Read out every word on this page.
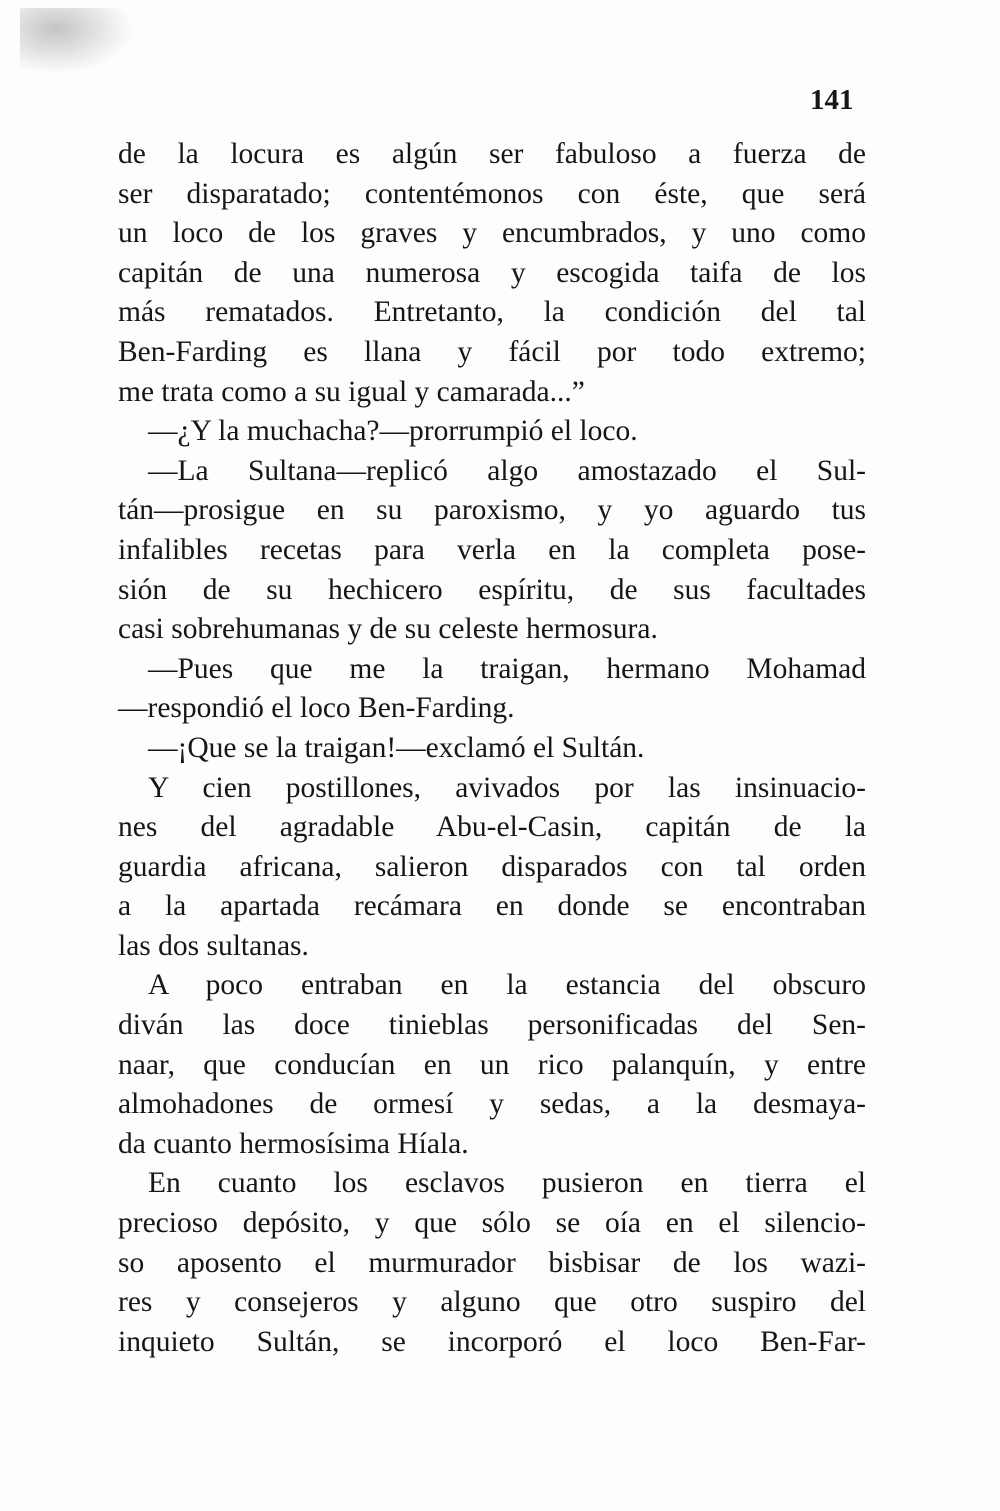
141
de la locura es algún ser fabuloso a fuerza de
ser disparatado; contentémonos con éste, que será
un loco de los graves y encumbrados, y uno como
capitán de una numerosa y escogida taifa de los
más rematados. Entretanto, la condición del tal
Ben-Farding es llana y fácil por todo extremo;
me trata como a su igual y camarada...”
—¿Y la muchacha?—prorrumpió el loco.
—La Sultana—replicó algo amostazado el Sul-
tán—prosigue en su paroxismo, y yo aguardo tus
infalibles recetas para verla en la completa pose-
sión de su hechicero espíritu, de sus facultades
casi sobrehumanas y de su celeste hermosura.
—Pues que me la traigan, hermano Mohamad
—respondió el loco Ben-Farding.
—¡Que se la traigan!—exclamó el Sultán.
Y cien postillones, avivados por las insinuacio-
nes del agradable Abu-el-Casin, capitán de la
guardia africana, salieron disparados con tal orden
a la apartada recámara en donde se encontraban
las dos sultanas.
A poco entraban en la estancia del obscuro
diván las doce tinieblas personificadas del Sen-
naar, que conducían en un rico palanquín, y entre
almohadones de ormesí y sedas, a la desmaya-
da cuanto hermosísima Híala.
En cuanto los esclavos pusieron en tierra el
precioso depósito, y que sólo se oía en el silencio-
so aposento el murmurador bisbisar de los wazi-
res y consejeros y alguno que otro suspiro del
inquieto Sultán, se incorporó el loco Ben-Far-
